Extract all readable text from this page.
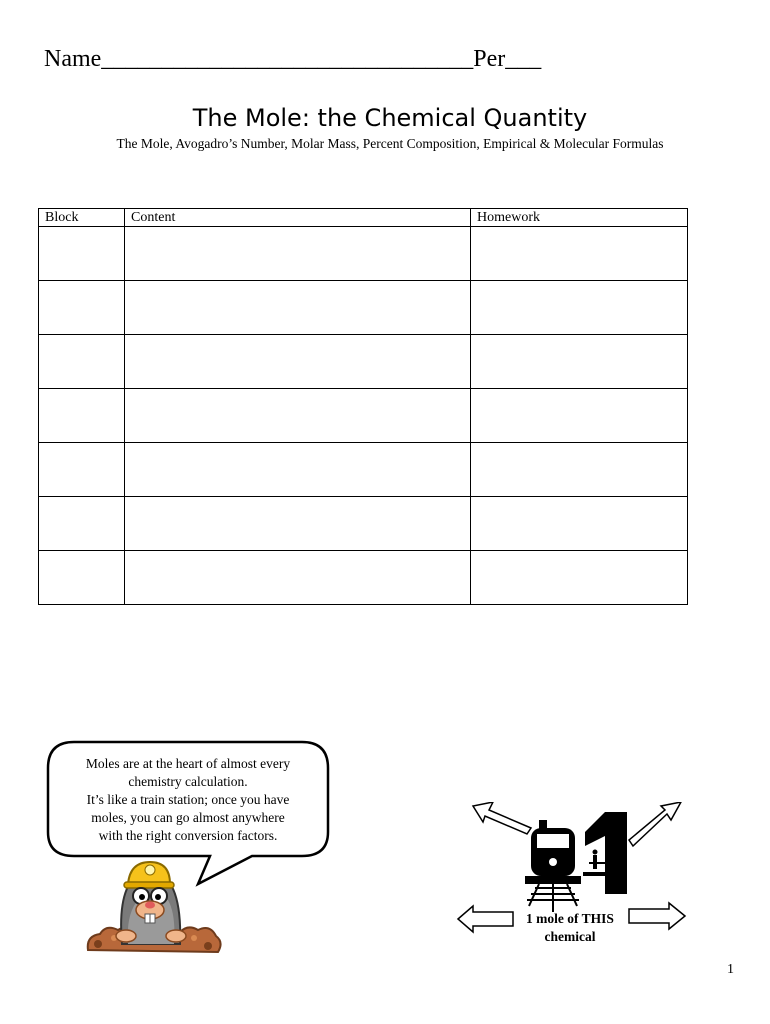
Name_______________________________Per___
The Mole: the Chemical Quantity
The Mole, Avogadro’s Number, Molar Mass, Percent Composition, Empirical & Molecular Formulas
Block	Content	Homework

Moles are at the heart of almost every
chemistry calculation.
It’s like a train station; once you have
moles, you can go almost anywhere
with the right conversion factors.
1 mole of THIS
chemical
1
